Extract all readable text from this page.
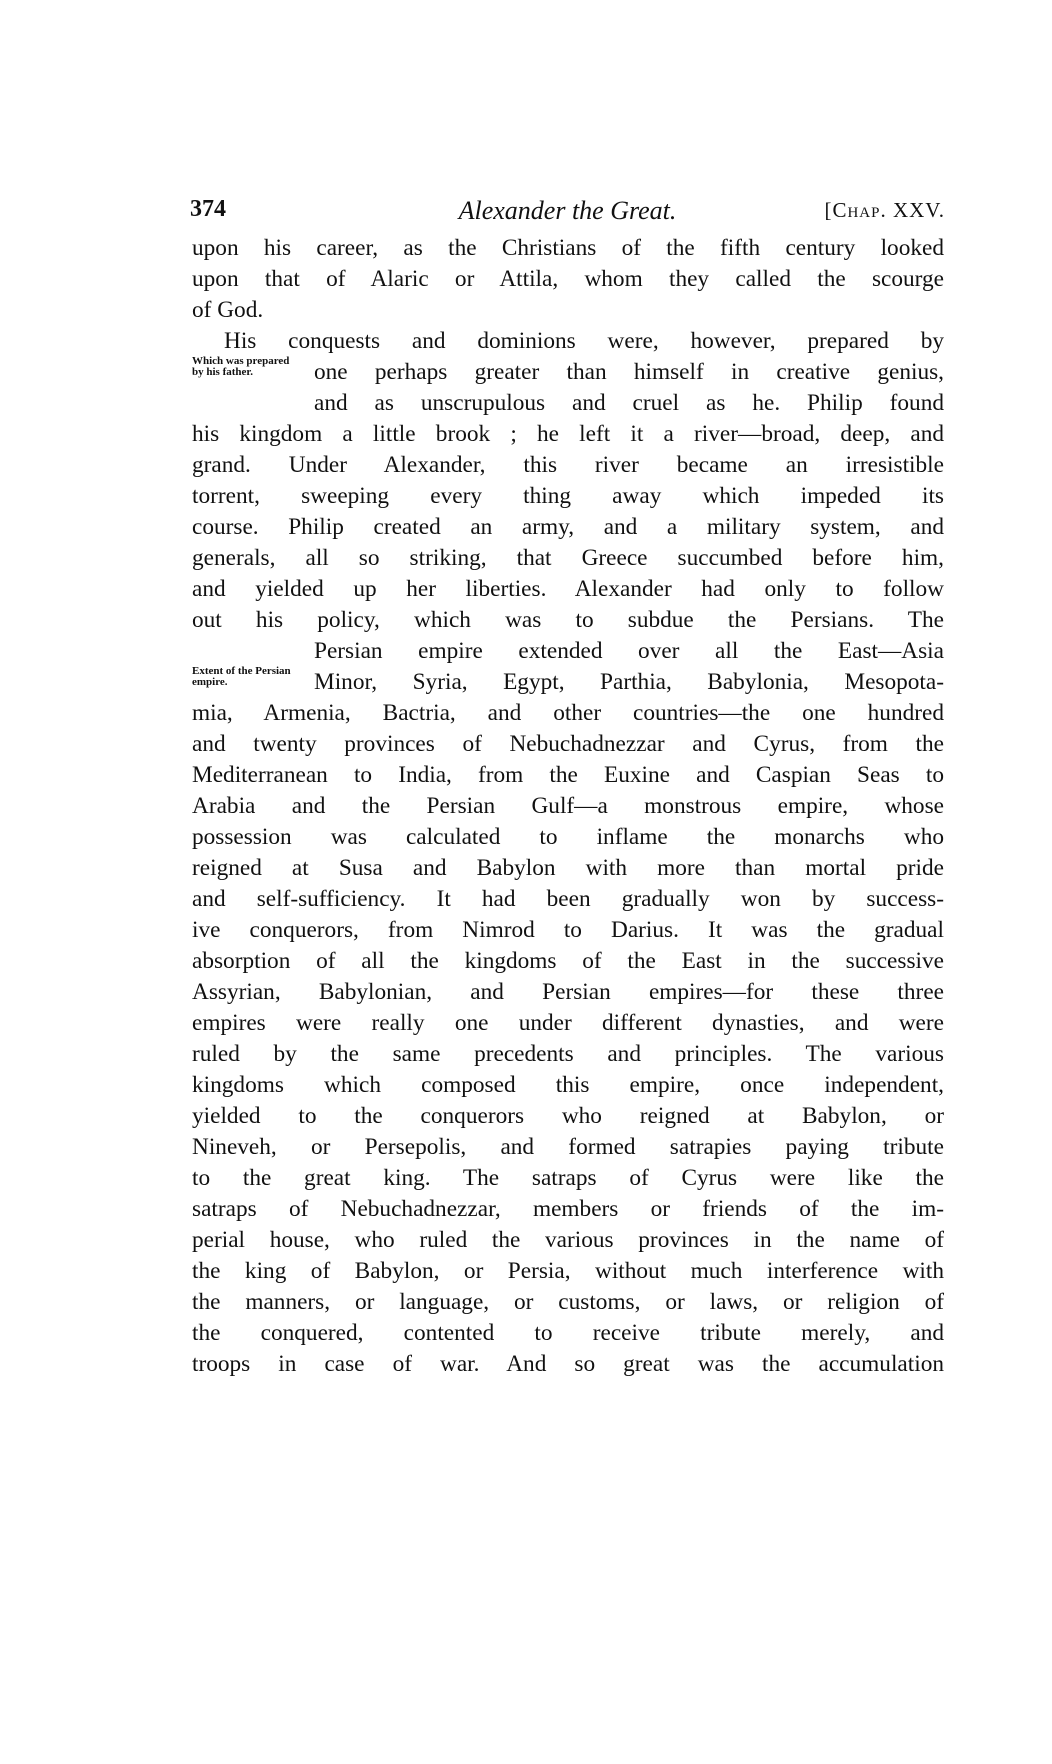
374	Alexander the Great.	[Chap. XXV.
Which was prepared by his father.
Extent of the Persian empire.
upon his career, as the Christians of the fifth century looked
upon that of Alaric or Attila, whom they called the scourge
of God.
His conquests and dominions were, however, prepared by
one perhaps greater than himself in creative genius,
and as unscrupulous and cruel as he. Philip found
his kingdom a little brook ; he left it a river—broad, deep, and
grand. Under Alexander, this river became an irresistible
torrent, sweeping every thing away which impeded its
course. Philip created an army, and a military system, and
generals, all so striking, that Greece succumbed before him,
and yielded up her liberties. Alexander had only to follow
out his policy, which was to subdue the Persians. The
Persian empire extended over all the East—Asia
Minor, Syria, Egypt, Parthia, Babylonia, Mesopota-
mia, Armenia, Bactria, and other countries—the one hundred
and twenty provinces of Nebuchadnezzar and Cyrus, from the
Mediterranean to India, from the Euxine and Caspian Seas to
Arabia and the Persian Gulf—a monstrous empire, whose
possession was calculated to inflame the monarchs who
reigned at Susa and Babylon with more than mortal pride
and self-sufficiency. It had been gradually won by success-
ive conquerors, from Nimrod to Darius. It was the gradual
absorption of all the kingdoms of the East in the successive
Assyrian, Babylonian, and Persian empires—for these three
empires were really one under different dynasties, and were
ruled by the same precedents and principles. The various
kingdoms which composed this empire, once independent,
yielded to the conquerors who reigned at Babylon, or
Nineveh, or Persepolis, and formed satrapies paying tribute
to the great king. The satraps of Cyrus were like the
satraps of Nebuchadnezzar, members or friends of the im-
perial house, who ruled the various provinces in the name of
the king of Babylon, or Persia, without much interference with
the manners, or language, or customs, or laws, or religion of
the conquered, contented to receive tribute merely, and
troops in case of war. And so great was the accumulation
